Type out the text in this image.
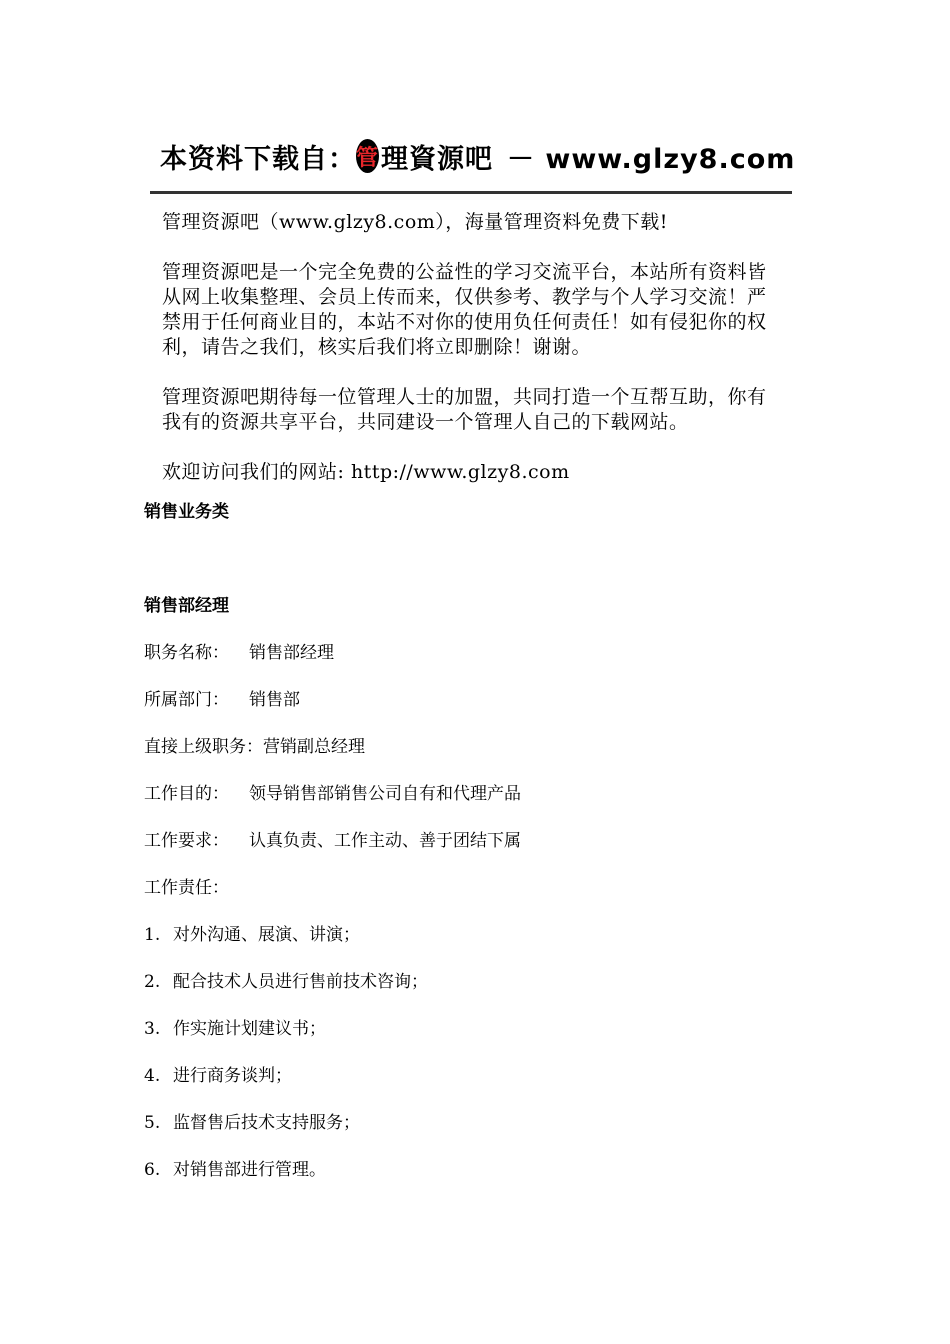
本资料下载自： 管 理資源吧 － www.glzy8.com

管理资源吧（www.glzy8.com），海量管理资料免费下载!

管理资源吧是一个完全免费的公益性的学习交流平台，本站所有资料皆从网上收集整理、会员上传而来，仅供参考、教学与个人学习交流！严禁用于任何商业目的，本站不对你的使用负任何责任！如有侵犯你的权利，请告之我们，核实后我们将立即删除！谢谢。

管理资源吧期待每一位管理人士的加盟，共同打造一个互帮互助，你有我有的资源共享平台，共同建设一个管理人自己的下载网站。

欢迎访问我们的网站: http://www.glzy8.com

销售业务类
销售部经理
职务名称： 销售部经理
所属部门： 销售部
直接上级职务：营销副总经理
工作目的： 领导销售部销售公司自有和代理产品
工作要求： 认真负责、工作主动、善于团结下属
工作责任：
1. 对外沟通、展演、讲演；
2. 配合技术人员进行售前技术咨询；
3. 作实施计划建议书；
4. 进行商务谈判；
5. 监督售后技术支持服务；
6. 对销售部进行管理。
